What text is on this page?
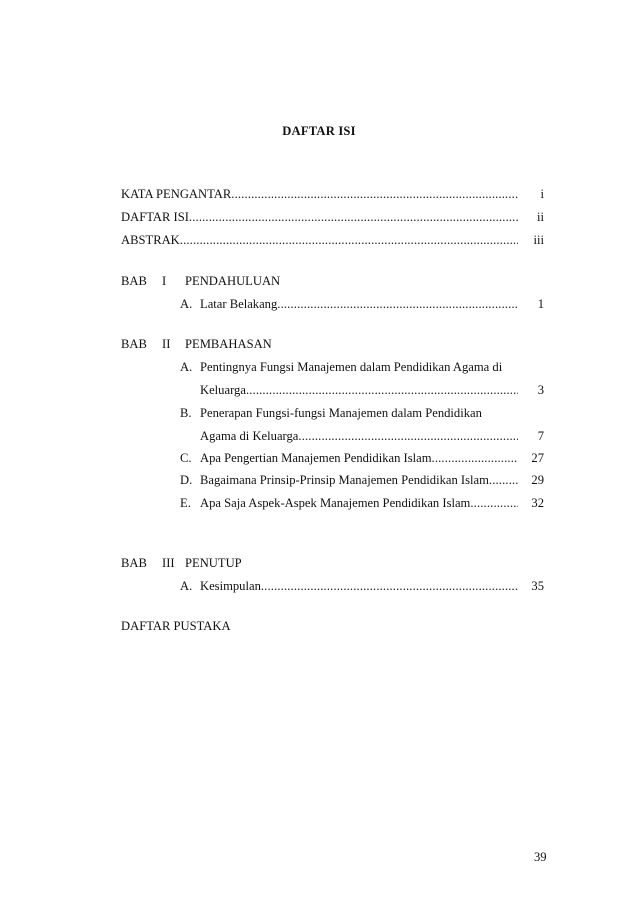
DAFTAR ISI
KATA PENGANTAR .....	i
DAFTAR ISI .....	ii
ABSTRAK .....	iii
BAB I PENDAHULUAN
A. Latar Belakang .....	1
BAB II PEMBAHASAN
A. Pentingnya Fungsi Manajemen dalam Pendidikan Agama di
Keluarga .....	3
B. Penerapan Fungsi-fungsi Manajemen dalam Pendidikan
Agama di Keluarga .....	7
C. Apa Pengertian Manajemen Pendidikan Islam .....	27
D. Bagaimana Prinsip-Prinsip Manajemen Pendidikan Islam .....	29
E. Apa Saja Aspek-Aspek Manajemen Pendidikan Islam .....	32
BAB III PENUTUP
A. Kesimpulan .....	35
DAFTAR PUSTAKA
39
